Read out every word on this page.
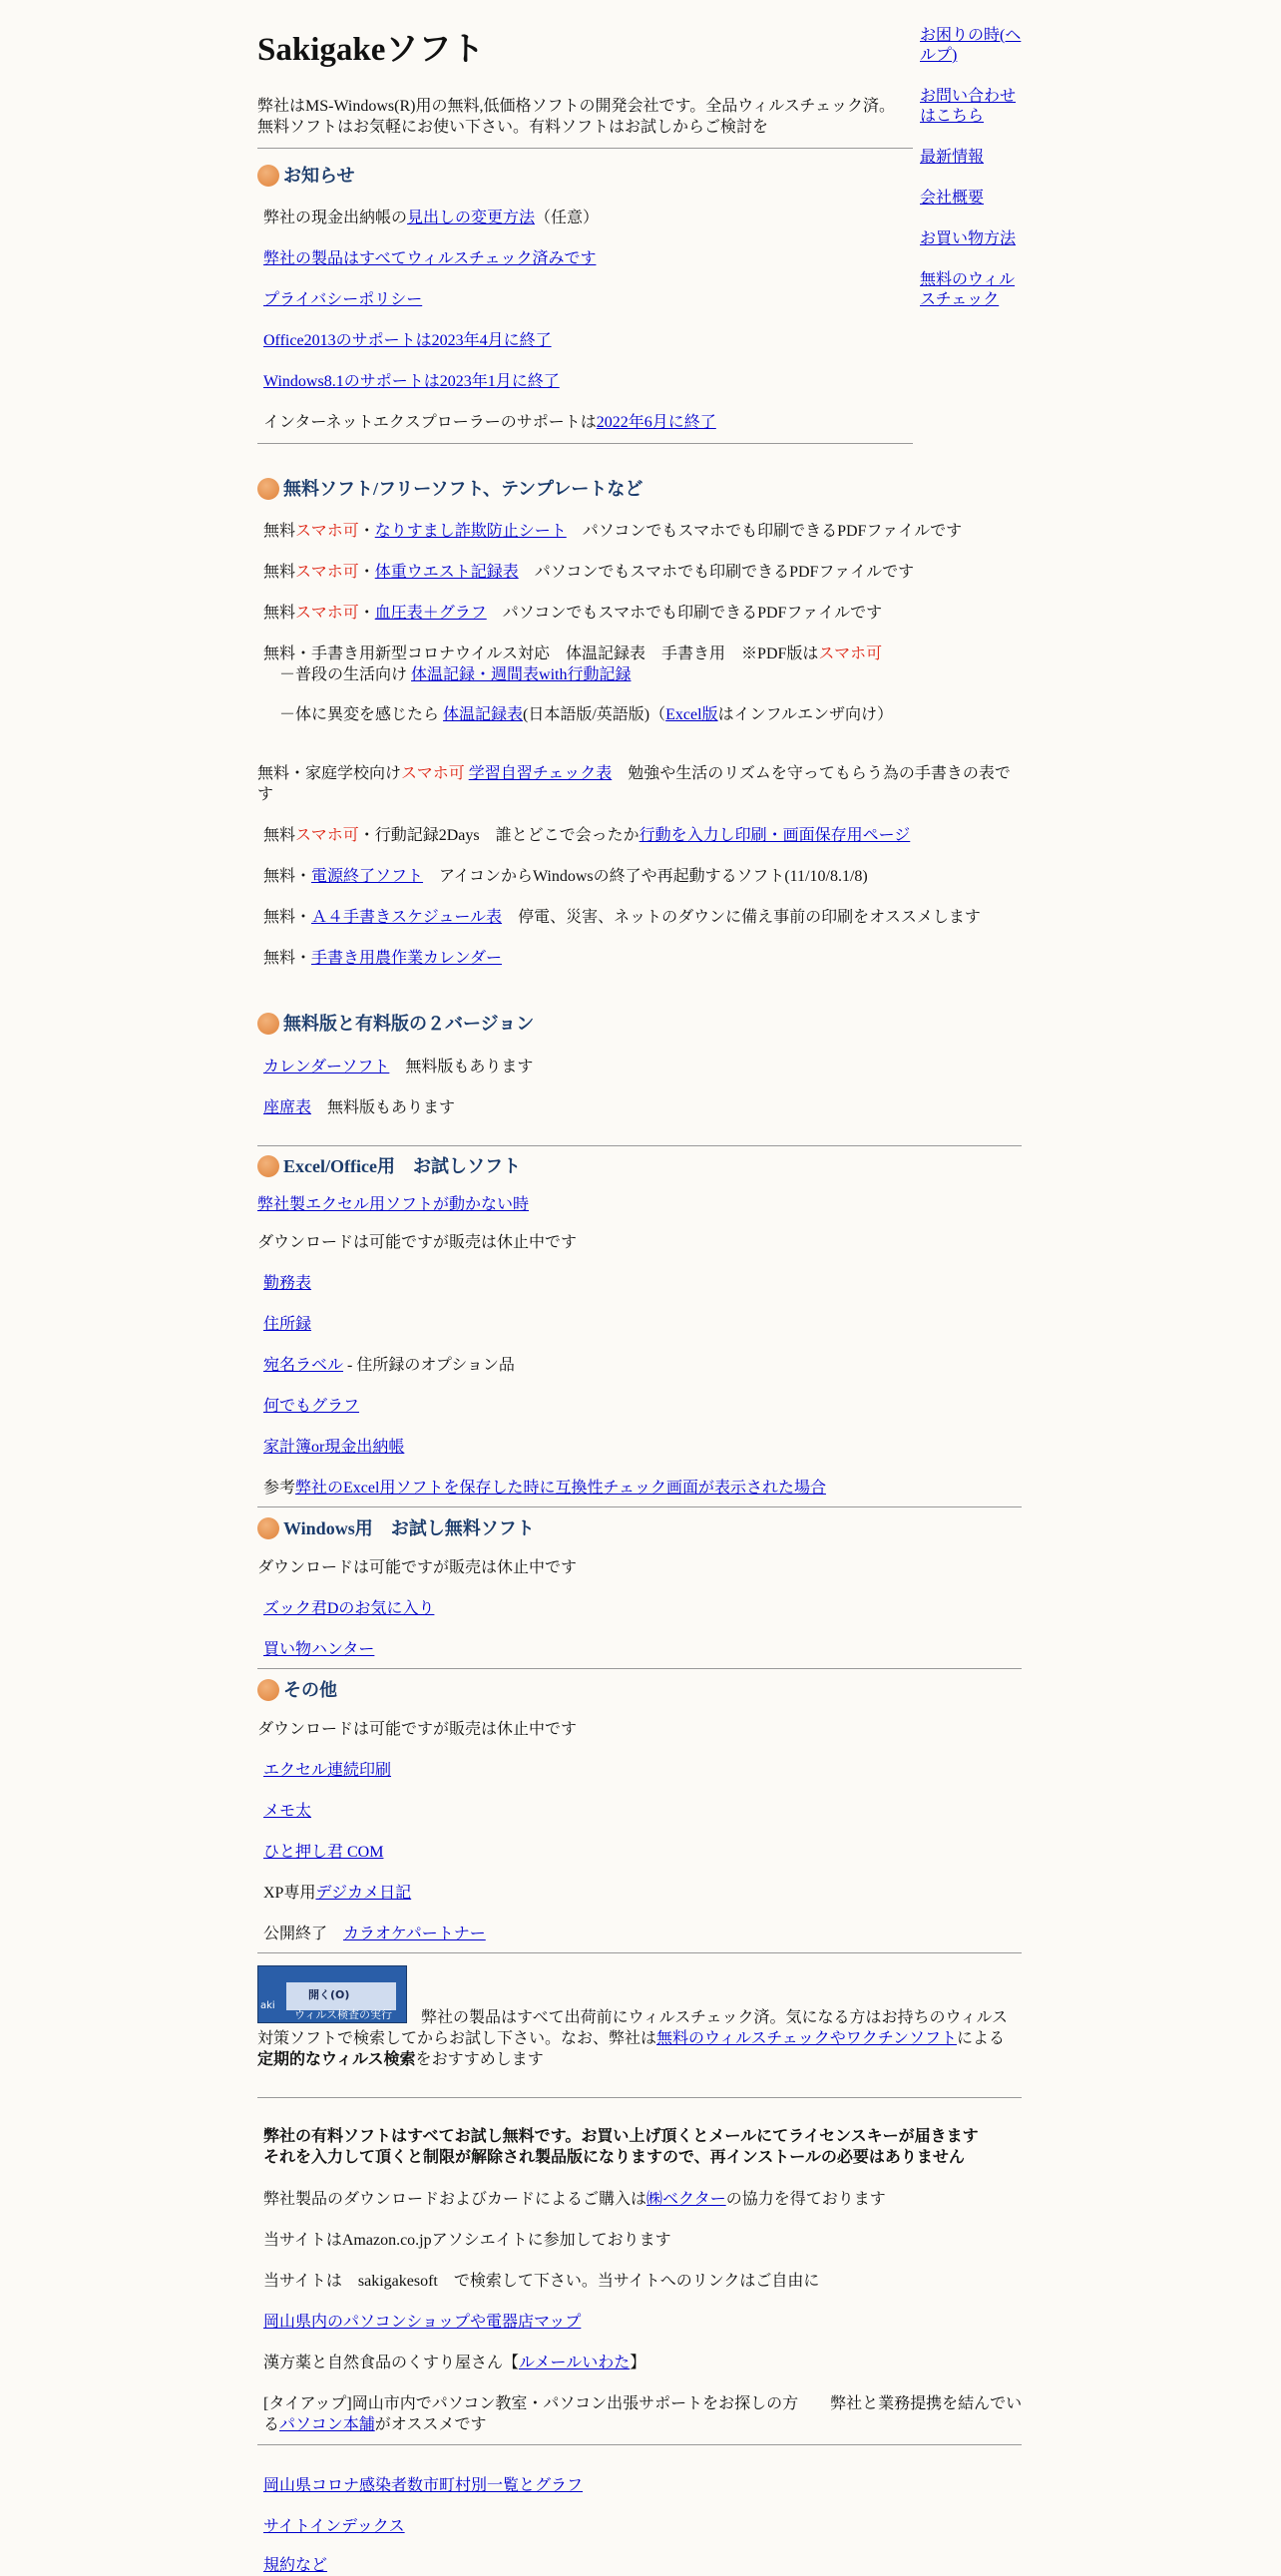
お困りの時(ヘルプ)
お問い合わせはこちら
最新情報
会社概要
お買い物方法
無料のウィルスチェック
Sakigakeソフト
弊社はMS-Windows(R)用の無料,低価格ソフトの開発会社です。全品ウィルスチェック済。
無料ソフトはお気軽にお使い下さい。有料ソフトはお試しからご検討を
お知らせ
弊社の現金出納帳の見出しの変更方法（任意）
弊社の製品はすべてウィルスチェック済みです
プライバシーポリシー
Office2013のサポートは2023年4月に終了
Windows8.1のサポートは2023年1月に終了
インターネットエクスプローラーのサポートは2022年6月に終了
無料ソフト/フリーソフト、テンプレートなど
無料スマホ可・なりすまし詐欺防止シート　パソコンでもスマホでも印刷できるPDFファイルです
無料スマホ可・体重ウエスト記録表　パソコンでもスマホでも印刷できるPDFファイルです
無料スマホ可・血圧表＋グラフ　パソコンでもスマホでも印刷できるPDFファイルです
無料・手書き用新型コロナウイルス対応　体温記録表　手書き用　※PDF版はスマホ可
－普段の生活向け 体温記録・週間表with行動記録
－体に異変を感じたら 体温記録表(日本語版/英語版)（Excel版はインフルエンザ向け）
無料・家庭学校向けスマホ可 学習自習チェック表　勉強や生活のリズムを守ってもらう為の手書きの表です
無料スマホ可・行動記録2Days　誰とどこで会ったか行動を入力し印刷・画面保存用ページ
無料・電源終了ソフト　アイコンからWindowsの終了や再起動するソフト(11/10/8.1/8)
無料・Ａ４手書きスケジュール表　停電、災害、ネットのダウンに備え事前の印刷をオススメします
無料・手書き用農作業カレンダー
無料版と有料版の２バージョン
カレンダーソフト　無料版もあります
座席表　無料版もあります
Excel/Office用　お試しソフト
弊社製エクセル用ソフトが動かない時
ダウンロードは可能ですが販売は休止中です
勤務表
住所録
宛名ラベル - 住所録のオプション品
何でもグラフ
家計簿or現金出納帳
参考弊社のExcel用ソフトを保存した時に互換性チェック画面が表示された場合
Windows用　お試し無料ソフト
ダウンロードは可能ですが販売は休止中です
ズック君Dのお気に入り
買い物ハンター
その他
ダウンロードは可能ですが販売は休止中です
エクセル連続印刷
メモ太
ひと押し君 COM
XP専用デジカメ日記
公開終了　カラオケパートナー
開く(O)
ウィルス検査の実行
aki
　弊社の製品はすべて出荷前にウィルスチェック済。気になる方はお持ちのウィルス対策ソフトで検索してからお試し下さい。なお、弊社は無料のウィルスチェックやワクチンソフトによる定期的なウィルス検索をおすすめします
弊社の有料ソフトはすべてお試し無料です。お買い上げ頂くとメールにてライセンスキーが届きます
それを入力して頂くと制限が解除され製品版になりますので、再インストールの必要はありません
弊社製品のダウンロードおよびカードによるご購入は㈱ベクターの協力を得ております
当サイトはAmazon.co.jpアソシエイトに参加しております
当サイトは　sakigakesoft　で検索して下さい。当サイトへのリンクはご自由に
岡山県内のパソコンショップや電器店マップ
漢方薬と自然食品のくすり屋さん【ルメールいわた】
[タイアップ]岡山市内でパソコン教室・パソコン出張サポートをお探しの方　　弊社と業務提携を結んでいるパソコン本舗がオススメです
岡山県コロナ感染者数市町村別一覧とグラフ
サイトインデックス
規約など
